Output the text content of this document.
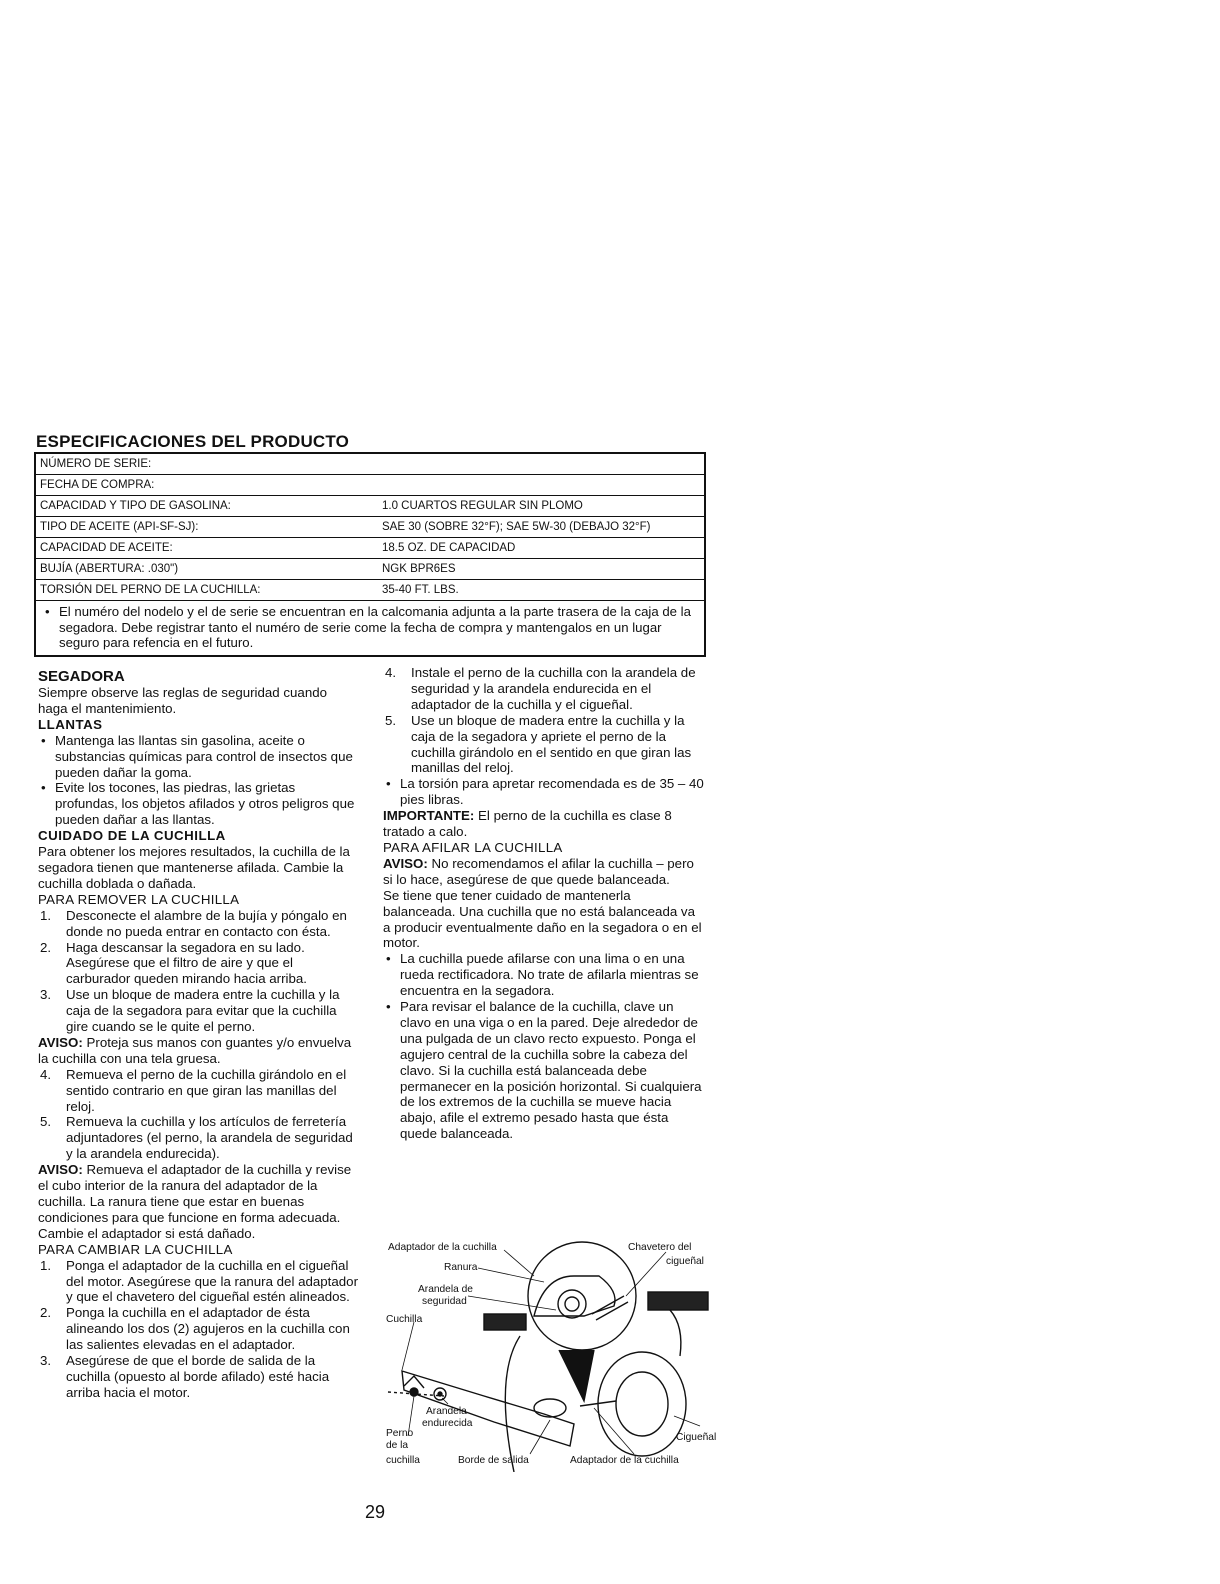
ESPECIFICACIONES DEL PRODUCTO
NÚMERO DE SERIE:	
FECHA DE COMPRA:	
CAPACIDAD Y TIPO DE GASOLINA:	1.0 CUARTOS REGULAR SIN PLOMO
TIPO DE ACEITE (API-SF-SJ):	SAE 30 (SOBRE 32°F); SAE 5W-30 (DEBAJO 32°F)
CAPACIDAD DE ACEITE:	18.5 OZ. DE CAPACIDAD
BUJÍA (ABERTURA: .030")	NGK BPR6ES
TORSIÓN DEL PERNO DE LA CUCHILLA:	35-40 FT. LBS.

• El numéro del nodelo y el de serie se encuentran en la calcomania adjunta a la parte trasera de la caja de la segadora. Debe registrar tanto el numéro de serie come la fecha de compra y mantengalos en un lugar seguro para refencia en el futuro.
SEGADORA

Siempre observe las reglas de seguridad cuando haga el mantenimiento.

LLANTAS
• Mantenga las llantas sin gasolina, aceite o substancias químicas para control de insectos que pueden dañar la goma.
• Evite los tocones, las piedras, las grietas profundas, los objetos afilados y otros peligros que pueden dañar a las llantas.
CUIDADO DE LA CUCHILLA

Para obtener los mejores resultados, la cuchilla de la segadora tienen que mantenerse afilada. Cambie la cuchilla doblada o dañada.

PARA REMOVER LA CUCHILLA

1. Desconecte el alambre de la bujía y póngalo en donde no pueda entrar en contacto con ésta.
2. Haga descansar la segadora en su lado. Asegúrese que el filtro de aire y que el carburador queden mirando hacia arriba.
3. Use un bloque de madera entre la cuchilla y la caja de la segadora para evitar que la cuchilla gire cuando se le quite el perno.

AVISO: Proteja sus manos con guantes y/o envuelva la cuchilla con una tela gruesa.

4. Remueva el perno de la cuchilla girándolo en el sentido contrario en que giran las manillas del reloj.
5. Remueva la cuchilla y los artículos de ferretería adjuntadores (el perno, la arandela de seguridad y la arandela endurecida).

AVISO: Remueva el adaptador de la cuchilla y revise el cubo interior de la ranura del adaptador de la cuchilla. La ranura tiene que estar en buenas condiciones para que funcione en forma adecuada. Cambie el adaptador si está dañado.

PARA CAMBIAR LA CUCHILLA

1. Ponga el adaptador de la cuchilla en el cigueñal del motor. Asegúrese que la ranura del adaptador y que el chavetero del cigueñal estén alineados.
2. Ponga la cuchilla en el adaptador de ésta alineando los dos (2) agujeros en la cuchilla con las salientes elevadas en el adaptador.
3. Asegúrese de que el borde de salida de la cuchilla (opuesto al borde afilado) esté hacia arriba hacia el motor.
4. Instale el perno de la cuchilla con la arandela de seguridad y la arandela endurecida en el adaptador de la cuchilla y el cigueñal.
5. Use un bloque de madera entre la cuchilla y la caja de la segadora y apriete el perno de la cuchilla girándolo en el sentido en que giran las manillas del reloj.
• La torsión para apretar recomendada es de 35 – 40 pies libras.

IMPORTANTE: El perno de la cuchilla es clase 8 tratado a calo.

PARA AFILAR LA CUCHILLA

AVISO: No recomendamos el afilar la cuchilla – pero si lo hace, asegúrese de que quede balanceada.

Se tiene que tener cuidado de mantenerla balanceada. Una cuchilla que no está balanceada va a producir eventualmente daño en la segadora o en el motor.

• La cuchilla puede afilarse con una lima o en una rueda rectificadora. No trate de afilarla mientras se encuentra en la segadora.
• Para revisar el balance de la cuchilla, clave un clavo en una viga o en la pared. Deje alrededor de una pulgada de un clavo recto expuesto. Ponga el agujero central de la cuchilla sobre la cabeza del clavo. Si la cuchilla está balanceada debe permanecer en la posición horizontal. Si cualquiera de los extremos de la cuchilla se mueve hacia abajo, afile el extremo pesado hasta que ésta quede balanceada.
Adaptador de la cuchilla	Chavetero del
cigueñal
Ranura
Arandela de
seguridad
Cuchilla
Arandela
endurecida
Perno
de la
cuchilla	Borde de salida	Adaptador de la cuchilla
Cigueñal
29
